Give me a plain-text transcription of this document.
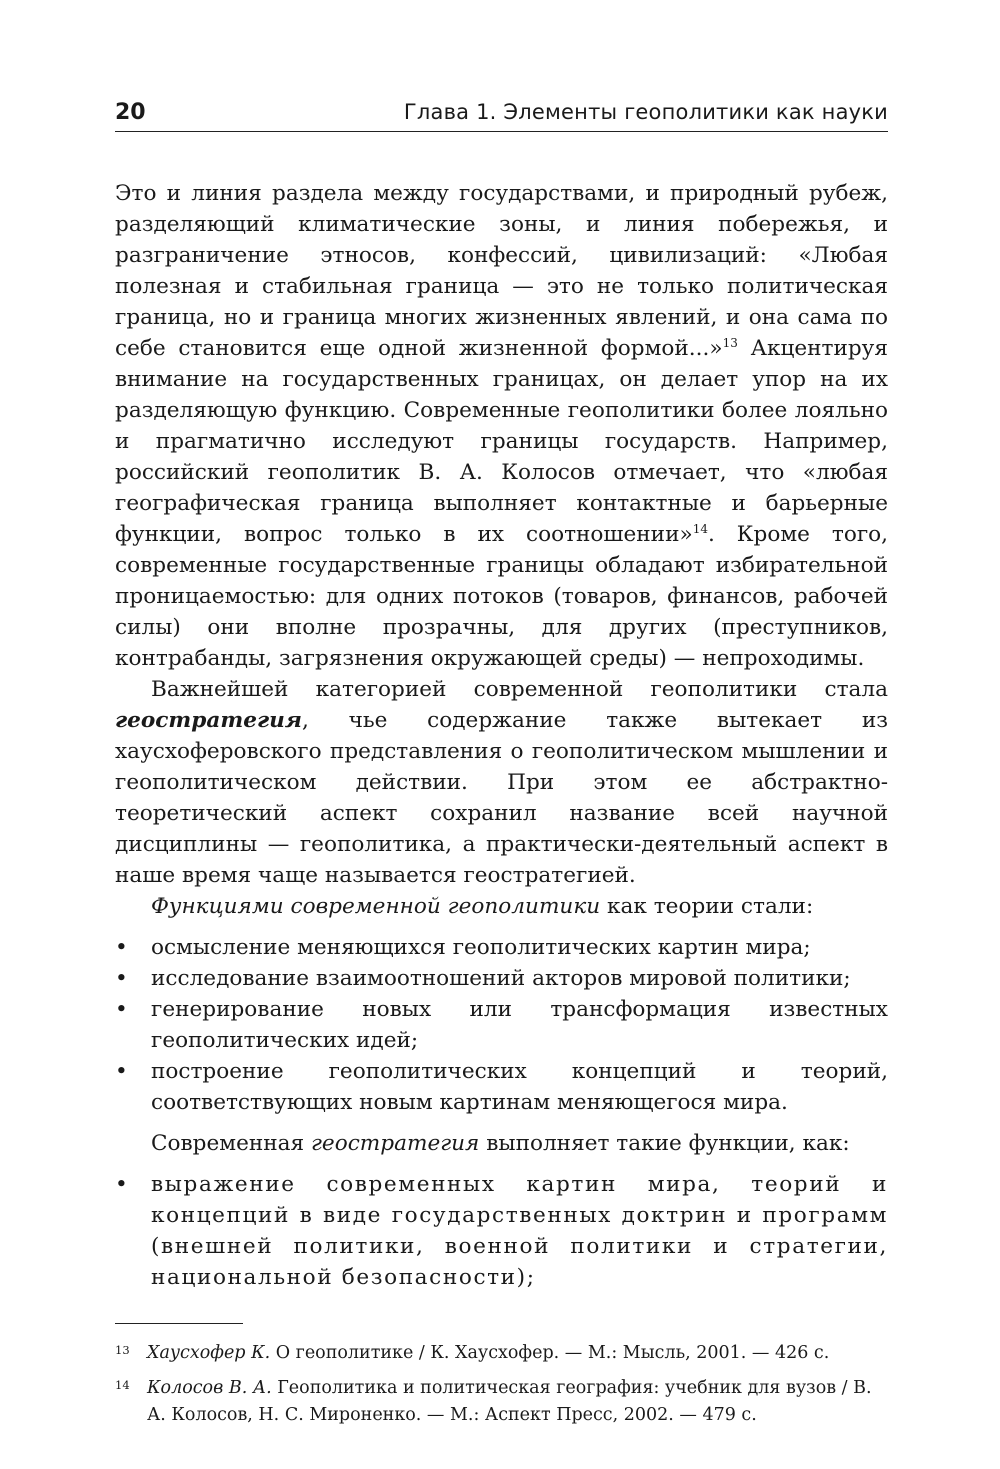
20	Глава 1. Элементы геополитики как науки

Это и линия раздела между государствами, и природный рубеж, разделяющий климатические зоны, и линия побережья, и разграничение этносов, конфессий, цивилизаций: «Любая полезная и стабильная граница — это не только политическая граница, но и граница многих жизненных явлений, и она сама по себе становится еще одной жизненной формой...»$^{13}$ Акцентируя внимание на государственных границах, он делает упор на их разделяющую функцию. Современные геополитики более лояльно и прагматично исследуют границы государств. Например, российский геополитик В. А. Колосов отмечает, что «любая географическая граница выполняет контактные и барьерные функции, вопрос только в их соотношении»$^{14}$. Кроме того, современные государственные границы обладают избирательной проницаемостью: для одних потоков (товаров, финансов, рабочей силы) они вполне прозрачны, для других (преступников, контрабанды, загрязнения окружающей среды) — непроходимы.

Важнейшей категорией современной геополитики стала геостратегия, чье содержание также вытекает из хаусхоферовского представления о геополитическом мышлении и геополитическом действии. При этом ее абстрактно-теоретический аспект сохранил название всей научной дисциплины — геополитика, а практически-деятельный аспект в наше время чаще называется геостратегией.

Функциями современной геополитики как теории стали:

• осмысление меняющихся геополитических картин мира;
• исследование взаимоотношений акторов мировой политики;
• генерирование новых или трансформация известных геополитических идей;
• построение геополитических концепций и теорий, соответствующих новым картинам меняющегося мира.

Современная геостратегия выполняет такие функции, как:

• выражение современных картин мира, теорий и концепций в виде государственных доктрин и программ (внешней политики, военной политики и стратегии, национальной безопасности);
13 Хаусхофер К. О геополитике / К. Хаусхофер. — М.: Мысль, 2001. — 426 с.
14 Колосов В. А. Геополитика и политическая география: учебник для вузов / В. А. Колосов, Н. С. Мироненко. — М.: Аспект Пресс, 2002. — 479 с.
